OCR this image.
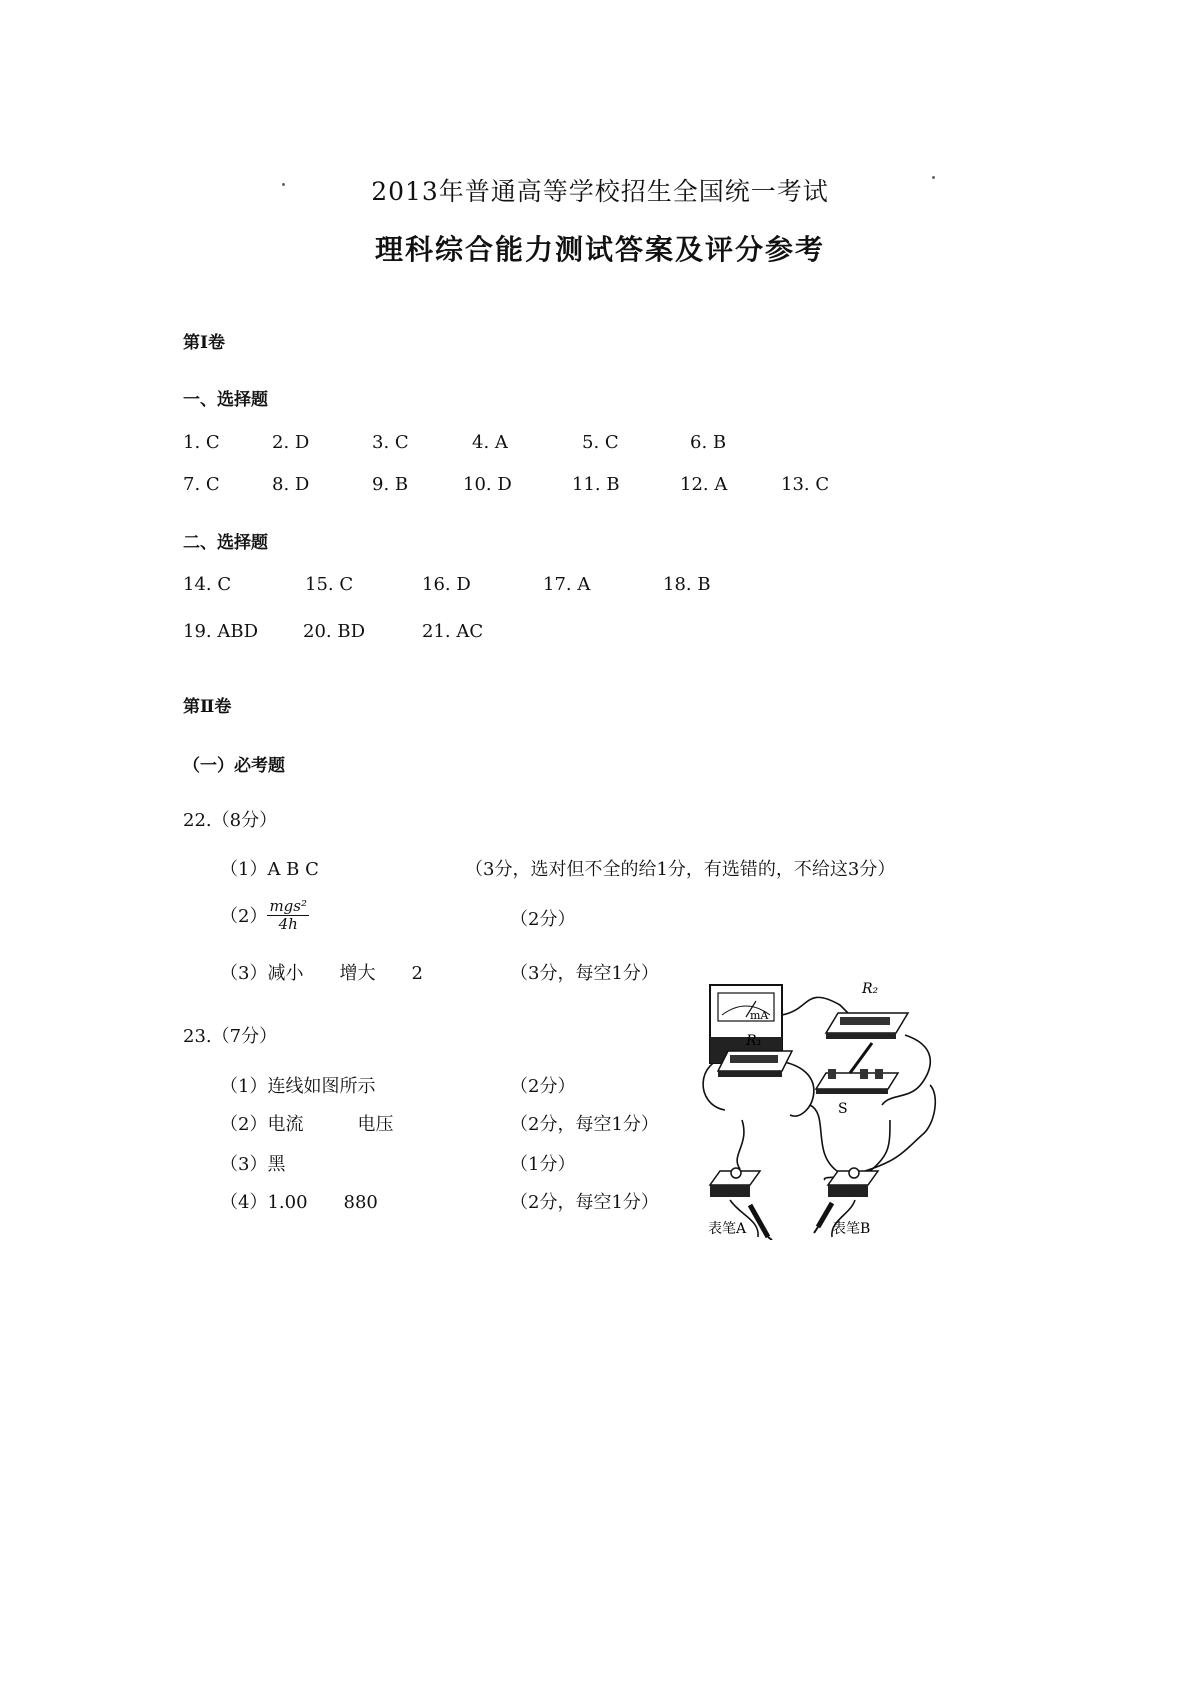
2013年普通高等学校招生全国统一考试
理科综合能力测试答案及评分参考
第Ⅰ卷
一、选择题
1. C	2. D	3. C	4. A	5. C	6. B
7. C	8. D	9. B	10. D	11. B	12. A	13. C
二、选择题
14. C	15. C	16. D	17. A	18. B
19. ABD 20. BD	21. AC
第Ⅱ卷
（一）必考题
22.（8分）
（1）A B C	（3分，选对但不全的给1分，有选错的，不给这3分）
$(2) \frac{\text{mgs²}}{4h}$	（2分）
（3）减小　　增大　　2	（3分，每空1分）
23.（7分）
（1）连线如图所示	（2分）
（2）电流　　　电压	（2分，每空1分）
（3）黑	（1分）
（4）1.00　　880	（2分，每空1分）
mA
R₂
R₁
S
表笔A	表笔B
